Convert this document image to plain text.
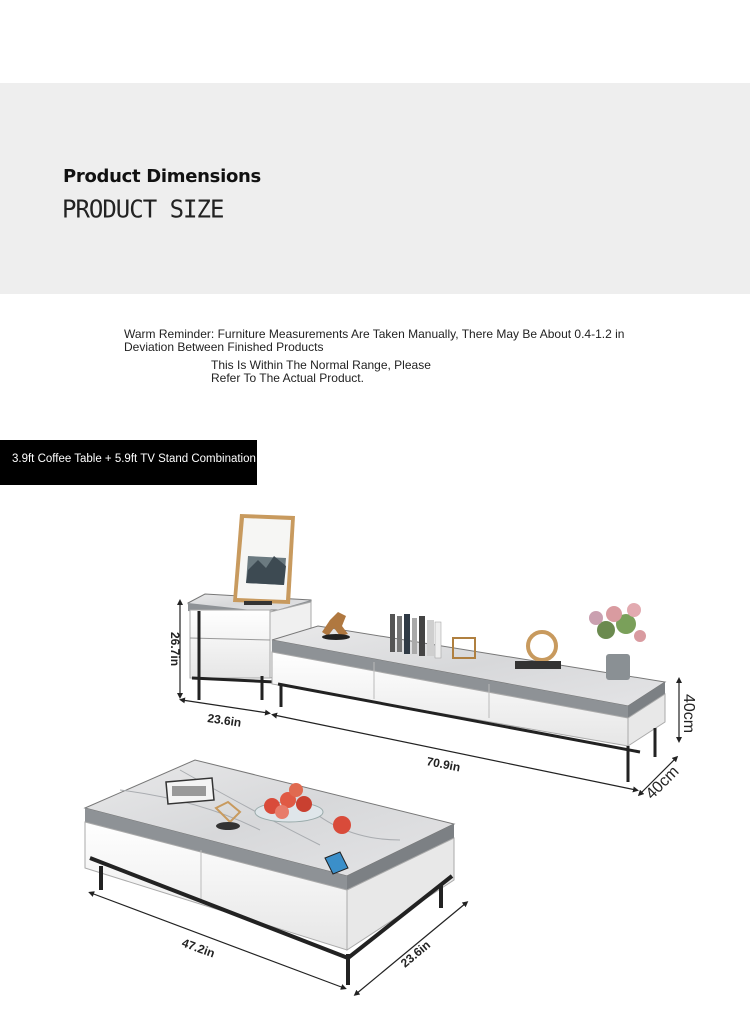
Product Dimensions
PRODUCT SIZE
Warm Reminder: Furniture Measurements Are Taken Manually, There May Be About 0.4-1.2 in Deviation Between Finished Products
This Is Within The Normal Range, Please Refer To The Actual Product.
3.9ft Coffee Table + 5.9ft TV Stand Combination
26.7in
23.6in
70.9in
40cm
40cm
47.2in	23.6in
